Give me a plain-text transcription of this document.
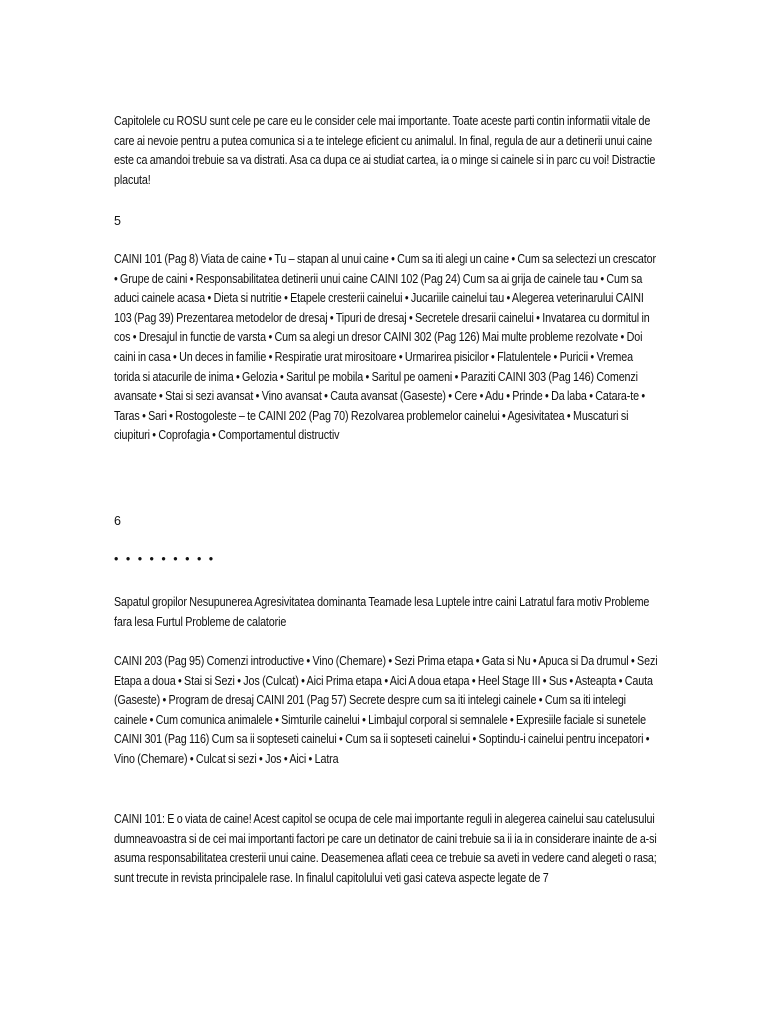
Capitolele cu ROSU sunt cele pe care eu le consider cele mai importante. Toate aceste parti contin informatii vitale de care ai nevoie pentru a putea comunica si a te intelege eficient cu animalul. In final, regula de aur a detinerii unui caine este ca amandoi trebuie sa va distrati. Asa ca dupa ce ai studiat cartea, ia o minge si cainele si in parc cu voi! Distractie placuta!

5

CAINI 101 (Pag 8) Viata de caine • Tu – stapan al unui caine • Cum sa iti alegi un caine • Cum sa selectezi un crescator • Grupe de caini • Responsabilitatea detinerii unui caine CAINI 102 (Pag 24) Cum sa ai grija de cainele tau • Cum sa aduci cainele acasa • Dieta si nutritie • Etapele cresterii cainelui • Jucariile cainelui tau • Alegerea veterinarului CAINI 103 (Pag 39) Prezentarea metodelor de dresaj • Tipuri de dresaj • Secretele dresarii cainelui • Invatarea cu dormitul in cos • Dresajul in functie de varsta • Cum sa alegi un dresor CAINI 302 (Pag 126) Mai multe probleme rezolvate • Doi caini in casa • Un deces in familie • Respiratie urat mirositoare • Urmarirea pisicilor • Flatulentele • Puricii • Vremea torida si atacurile de inima • Gelozia • Saritul pe mobila • Saritul pe oameni • Paraziti CAINI 303 (Pag 146) Comenzi avansate • Stai si sezi avansat • Vino avansat • Cauta avansat (Gaseste) • Cere • Adu • Prinde • Da laba • Catara-te • Taras • Sari • Rostogoleste – te CAINI 202 (Pag 70) Rezolvarea problemelor cainelui • Agesivitatea • Muscaturi si ciupituri • Coprofagia • Comportamentul distructiv

6
• • • • • • • • •

Sapatul gropilor Nesupunerea Agresivitatea dominanta Teamade lesa Luptele intre caini Latratul fara motiv Probleme fara lesa Furtul Probleme de calatorie

CAINI 203 (Pag 95) Comenzi introductive • Vino (Chemare) • Sezi Prima etapa • Gata si Nu • Apuca si Da drumul • Sezi Etapa a doua • Stai si Sezi • Jos (Culcat) • Aici Prima etapa • Aici A doua etapa • Heel Stage III • Sus • Asteapta • Cauta (Gaseste) • Program de dresaj CAINI 201 (Pag 57) Secrete despre cum sa iti intelegi cainele • Cum sa iti intelegi cainele • Cum comunica animalele • Simturile cainelui • Limbajul corporal si semnalele • Expresiile faciale si sunetele CAINI 301 (Pag 116) Cum sa ii sopteseti cainelui • Cum sa ii sopteseti cainelui • Soptindu-i cainelui pentru incepatori • Vino (Chemare) • Culcat si sezi • Jos • Aici • Latra

CAINI 101: E o viata de caine! Acest capitol se ocupa de cele mai importante reguli in alegerea cainelui sau catelusului dumneavoastra si de cei mai importanti factori pe care un detinator de caini trebuie sa ii ia in considerare inainte de a-si asuma responsabilitatea cresterii unui caine. Deasemenea aflati ceea ce trebuie sa aveti in vedere cand alegeti o rasa; sunt trecute in revista principalele rase. In finalul capitolului veti gasi cateva aspecte legate de 7
